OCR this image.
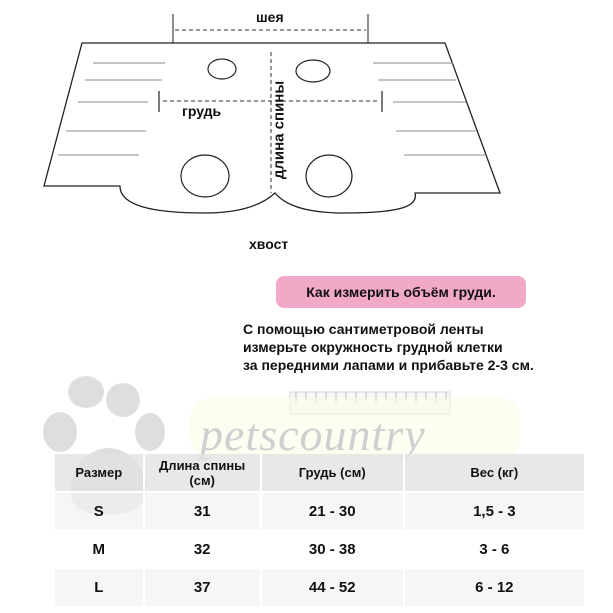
шея
грудь	длина спины
хвост
Как измерить объём груди.
С помощью сантиметровой ленты
измерьте окружность грудной клетки
за передними лапами и прибавьте 2-3 см.
petscountry
Размер	Длина спины (см)	Грудь (см)	Вес (кг)
S	31	21 - 30	1,5 - 3
M	32	30 - 38	3 - 6
L	37	44 - 52	6 - 12
